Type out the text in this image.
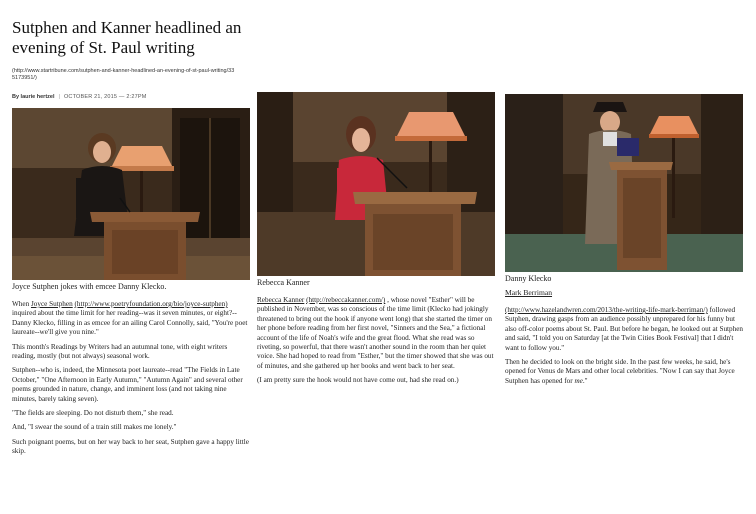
Sutphen and Kanner headlined an evening of St. Paul writing
(http://www.startribune.com/sutphen-and-kanner-headlined-an-evening-of-st-paul-writing/335173951/)
By laurie hertzel | OCTOBER 21, 2015 — 2:27PM
Joyce Sutphen jokes with emcee Danny Klecko.

When Joyce Sutphen (http://www.poetryfoundation.org/bio/joyce-sutphen) inquired about the time limit for her reading--was it seven minutes, or eight?--Danny Klecko, filling in as emcee for an ailing Carol Connolly, said, "You're poet laureate--we'll give you nine."

This month's Readings by Writers had an autumnal tone, with eight writers reading, mostly (but not always) seasonal work.

Sutphen--who is, indeed, the Minnesota poet laureate--read "The Fields in Late October," "One Afternoon in Early Autumn," "Autumn Again" and several other poems grounded in nature, change, and imminent loss (and not taking nine minutes, barely taking seven).

"The fields are sleeping. Do not disturb them," she read.

And, "I swear the sound of a train still makes me lonely."

Such poignant poems, but on her way back to her seat, Sutphen gave a happy little skip.

Rebecca Kanner

Rebecca Kanner (http://rebeccakanner.com/) , whose novel "Esther" will be published in November, was so conscious of the time limit (Klecko had jokingly threatened to bring out the hook if anyone went long) that she started the timer on her phone before reading from her first novel, "Sinners and the Sea," a fictional account of the life of Noah's wife and the great flood. What she read was so riveting, so powerful, that there wasn't another sound in the room than her quiet voice. She had hoped to read from "Esther," but the timer showed that she was out of minutes, and she gathered up her books and went back to her seat.

(I am pretty sure the hook would not have come out, had she read on.)

Danny Klecko

Mark Berriman

(http://www.hazelandwren.com/2013/the-writing-life-mark-berriman/) followed Sutphen, drawing gasps from an audience possibly unprepared for his funny but also off-color poems about St. Paul. But before he began, he looked out at Sutphen and said, "I told you on Saturday [at the Twin Cities Book Festival] that I didn't want to follow you."

Then he decided to look on the bright side. In the past few weeks, he said, he's opened for Venus de Mars and other local celebrities. "Now I can say that Joyce Sutphen has opened for me."
